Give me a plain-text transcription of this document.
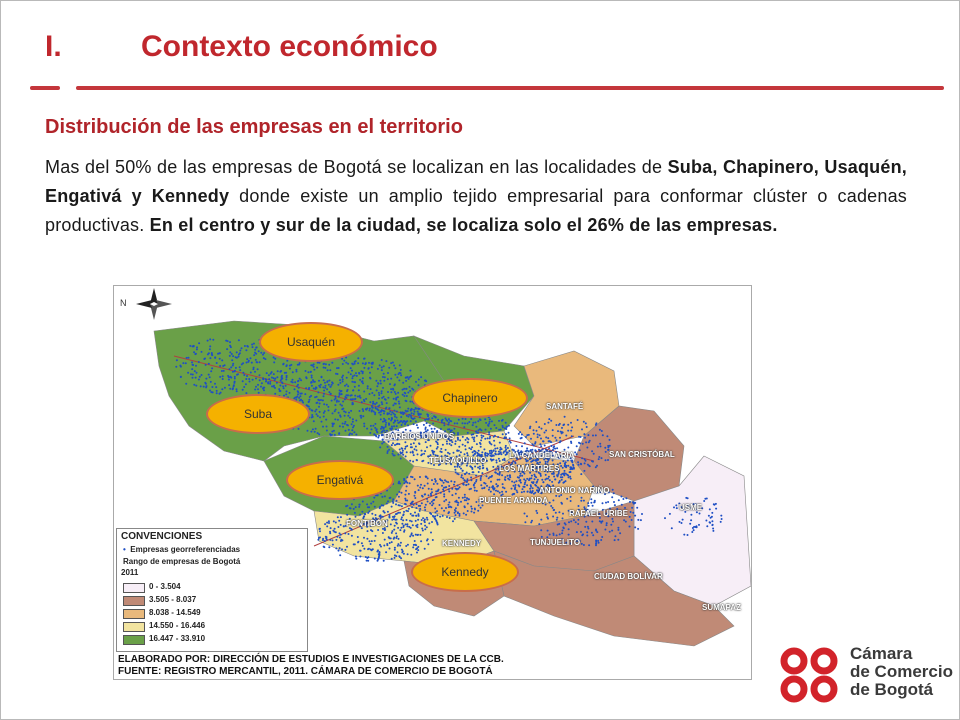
I.	Contexto económico
Distribución de las empresas en el territorio
Mas del 50% de las empresas de Bogotá se localizan en las localidades de Suba, Chapinero, Usaquén, Engativá y Kennedy donde existe un amplio tejido empresarial para conformar clúster o cadenas productivas. En el centro y sur de la ciudad, se localiza solo el 26% de las empresas.
N
SANTAFÉ
BARRIOS UNIDOS
SAN CRISTÓBAL
TEUSAQUILLO
LA CANDELARIA
LOS MÁRTIRES
ANTONIO NARIÑO
PUENTE ARANDA
USME
RAFAEL URIBE
FONTIBÓN
KENNEDY	TUNJUELITO
CIUDAD BOLÍVAR
SUMAPAZ
Usaquén
Chapinero
Suba
Engativá
Kennedy
CONVENCIONES
• Empresas georreferenciadas
Rango de empresas de Bogotá
2011
0 - 3.504
3.505 - 8.037
8.038 - 14.549
14.550 - 16.446
16.447 - 33.910
ELABORADO POR: DIRECCIÓN DE ESTUDIOS E INVESTIGACIONES DE LA CCB.
FUENTE: REGISTRO MERCANTIL, 2011. CÁMARA DE COMERCIO DE BOGOTÁ
Cámara
de Comercio
de Bogotá
